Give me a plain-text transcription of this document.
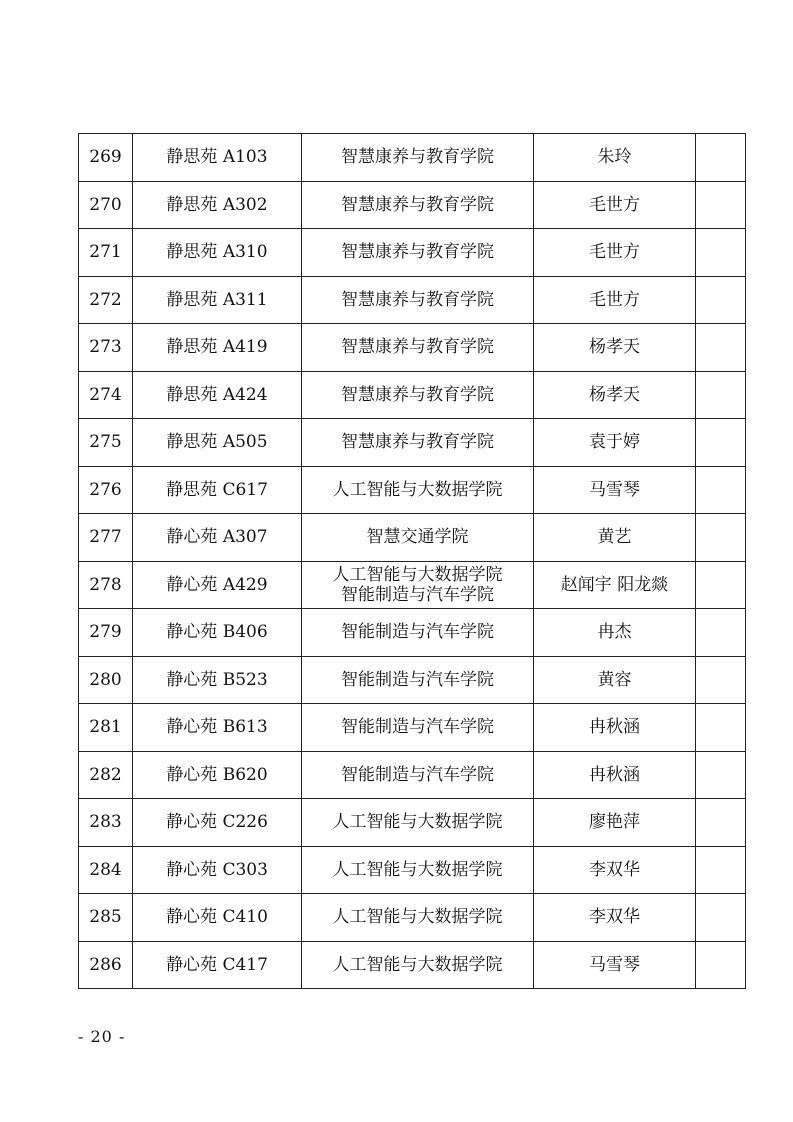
269	静思苑 A103	智慧康养与教育学院	朱玲	
270	静思苑 A302	智慧康养与教育学院	毛世方	
271	静思苑 A310	智慧康养与教育学院	毛世方	
272	静思苑 A311	智慧康养与教育学院	毛世方	
273	静思苑 A419	智慧康养与教育学院	杨孝天	
274	静思苑 A424	智慧康养与教育学院	杨孝天	
275	静思苑 A505	智慧康养与教育学院	袁于婷	
276	静思苑 C617	人工智能与大数据学院	马雪琴	
277	静心苑 A307	智慧交通学院	黄艺	
278	静心苑 A429	人工智能与大数据学院
智能制造与汽车学院	赵闻宇 阳龙燚	
279	静心苑 B406	智能制造与汽车学院	冉杰	
280	静心苑 B523	智能制造与汽车学院	黄容	
281	静心苑 B613	智能制造与汽车学院	冉秋涵	
282	静心苑 B620	智能制造与汽车学院	冉秋涵	
283	静心苑 C226	人工智能与大数据学院	廖艳萍	
284	静心苑 C303	人工智能与大数据学院	李双华	
285	静心苑 C410	人工智能与大数据学院	李双华	
286	静心苑 C417	人工智能与大数据学院	马雪琴	
- 20 -
